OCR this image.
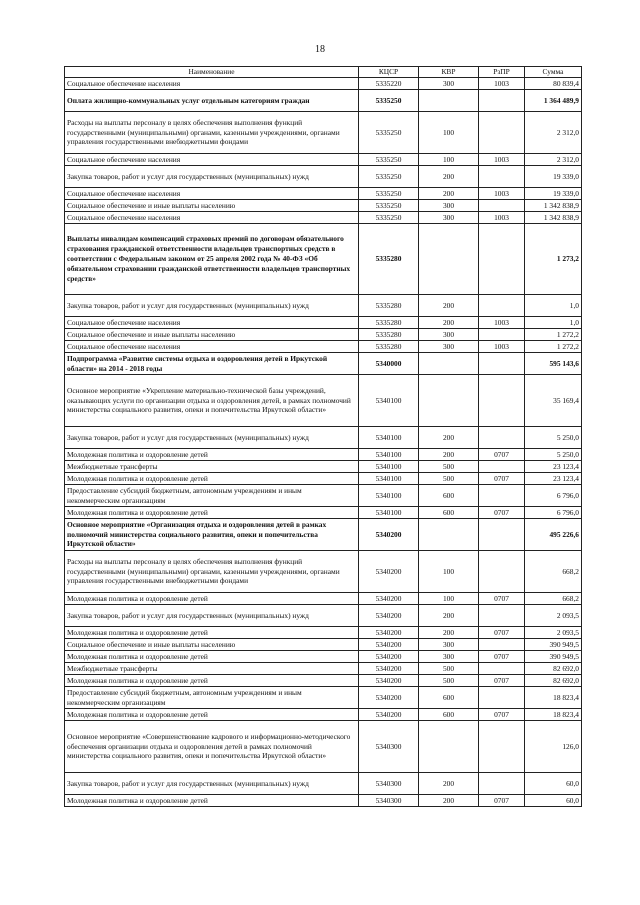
18
Наименование	КЦСР	КВР	РзПР	Сумма
Социальное обеспечение населения	5335220	300	1003	80 839,4
Оплата жилищно-коммунальных услуг отдельным категориям граждан	5335250			1 364 489,9
Расходы на выплаты персоналу в целях обеспечения выполнения функций государственными (муниципальными) органами, казенными учреждениями, органами управления государственными внебюджетными фондами	5335250	100		2 312,0
Социальное обеспечение населения	5335250	100	1003	2 312,0
Закупка товаров, работ и услуг для государственных (муниципальных) нужд	5335250	200		19 339,0
Социальное обеспечение населения	5335250	200	1003	19 339,0
Социальное обеспечение и иные выплаты населению	5335250	300		1 342 838,9
Социальное обеспечение населения	5335250	300	1003	1 342 838,9
Выплаты инвалидам компенсаций страховых премий по договорам обязательного страхования гражданской ответственности владельцев транспортных средств в соответствии с Федеральным законом от 25 апреля 2002 года № 40-ФЗ «Об обязательном страховании гражданской ответственности владельцев транспортных средств»	5335280			1 273,2
Закупка товаров, работ и услуг для государственных (муниципальных) нужд	5335280	200		1,0
Социальное обеспечение населения	5335280	200	1003	1,0
Социальное обеспечение и иные выплаты населению	5335280	300		1 272,2
Социальное обеспечение населения	5335280	300	1003	1 272,2
Подпрограмма «Развитие системы отдыха и оздоровления детей в Иркутской области» на 2014 - 2018 годы	5340000			595 143,6
Основное мероприятие «Укрепление материально-технической базы учреждений, оказывающих услуги по организации отдыха и оздоровления детей, в рамках полномочий министерства социального развития, опеки и попечительства Иркутской области»	5340100			35 169,4
Закупка товаров, работ и услуг для государственных (муниципальных) нужд	5340100	200		5 250,0
Молодежная политика и оздоровление детей	5340100	200	0707	5 250,0
Межбюджетные трансферты	5340100	500		23 123,4
Молодежная политика и оздоровление детей	5340100	500	0707	23 123,4
Предоставление субсидий бюджетным, автономным учреждениям и иным некоммерческим организациям	5340100	600		6 796,0
Молодежная политика и оздоровление детей	5340100	600	0707	6 796,0
Основное мероприятие «Организация отдыха и оздоровления детей в рамках полномочий министерства социального развития, опеки и попечительства Иркутской области»	5340200			495 226,6
Расходы на выплаты персоналу в целях обеспечения выполнения функций государственными (муниципальными) органами, казенными учреждениями, органами управления государственными внебюджетными фондами	5340200	100		668,2
Молодежная политика и оздоровление детей	5340200	100	0707	668,2
Закупка товаров, работ и услуг для государственных (муниципальных) нужд	5340200	200		2 093,5
Молодежная политика и оздоровление детей	5340200	200	0707	2 093,5
Социальное обеспечение и иные выплаты населению	5340200	300		390 949,5
Молодежная политика и оздоровление детей	5340200	300	0707	390 949,5
Межбюджетные трансферты	5340200	500		82 692,0
Молодежная политика и оздоровление детей	5340200	500	0707	82 692,0
Предоставление субсидий бюджетным, автономным учреждениям и иным некоммерческим организациям	5340200	600		18 823,4
Молодежная политика и оздоровление детей	5340200	600	0707	18 823,4
Основное мероприятие «Совершенствование кадрового и информационно-методического обеспечения организации отдыха и оздоровления детей в рамках полномочий министерства социального развития, опеки и попечительства Иркутской области»	5340300			126,0
Закупка товаров, работ и услуг для государственных (муниципальных) нужд	5340300	200		60,0
Молодежная политика и оздоровление детей	5340300	200	0707	60,0
